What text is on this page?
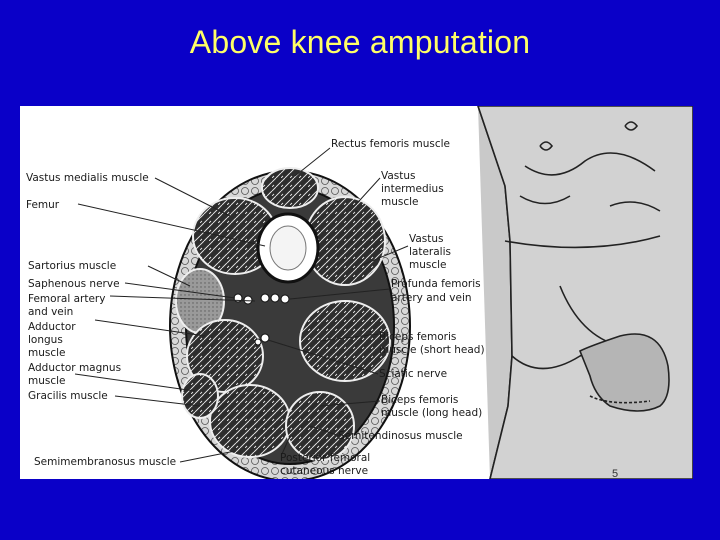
Above knee amputation
Rectus femoris muscle
Vastus medialis muscle
Femur
Vastus
intermedius
muscle
Vastus
lateralis
muscle
Sartorius muscle
Saphenous nerve
Femoral artery
and vein
Adductor
longus
muscle
Adductor magnus
muscle
Gracilis muscle
Profunda femoris
artery and vein
Biceps femoris
muscle (short head)
Sciatic nerve
Biceps femoris
muscle (long head)
Semitendinosus muscle
Semimembranosus muscle	Posterior femoral
cutaneous nerve	5
